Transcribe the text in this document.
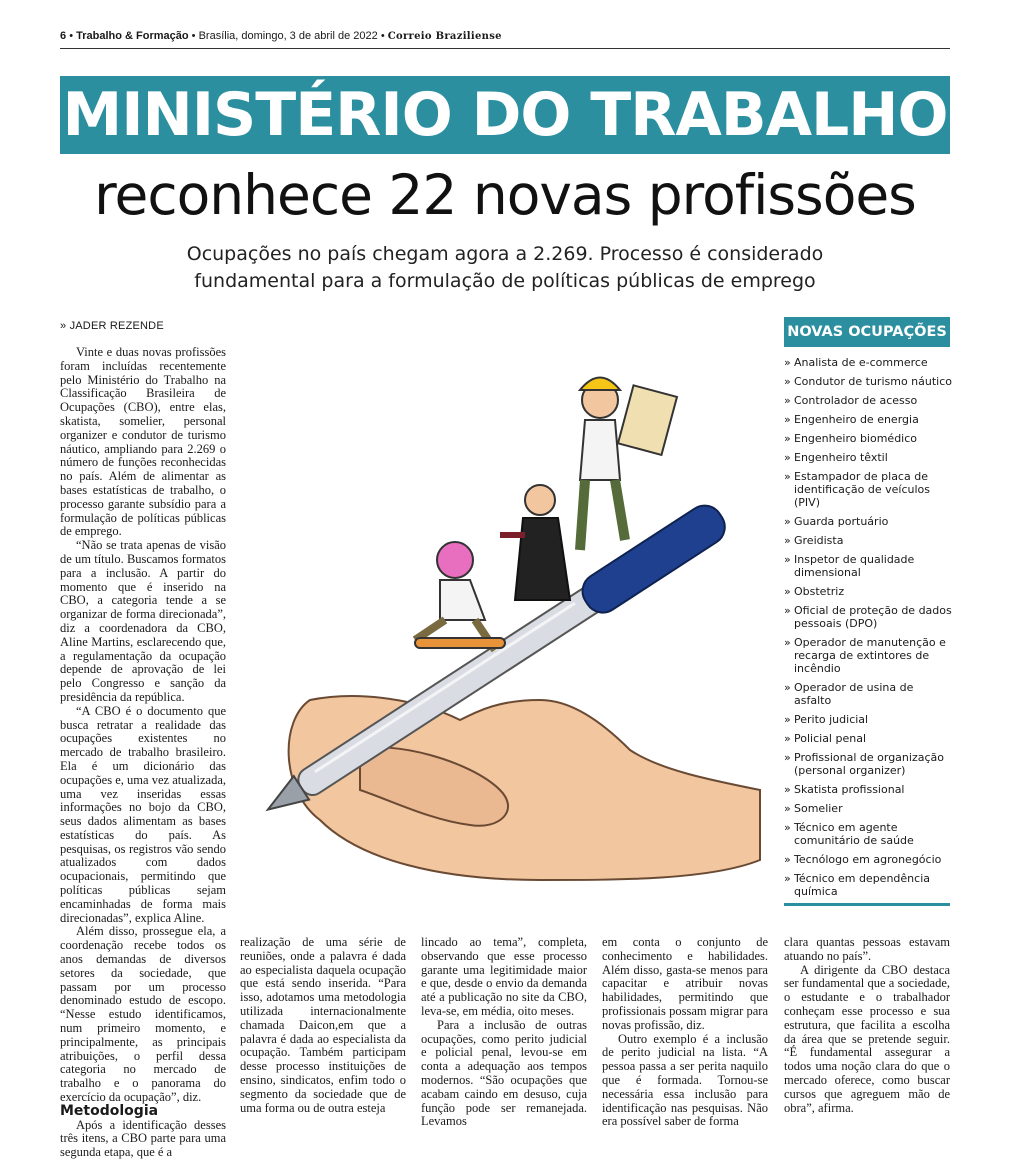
6 • Trabalho & Formação • Brasília, domingo, 3 de abril de 2022 • Correio Braziliense
MINISTÉRIO DO TRABALHO
reconhece 22 novas profissões
Ocupações no país chegam agora a 2.269. Processo é considerado
fundamental para a formulação de políticas públicas de emprego
» JADER REZENDE

Vinte e duas novas profissões foram incluídas recentemente pelo Ministério do Trabalho na Classificação Brasileira de Ocupações (CBO), entre elas, skatista, somelier, personal organizer e condutor de turismo náutico, ampliando para 2.269 o número de funções reconhecidas no país. Além de alimentar as bases estatísticas de trabalho, o processo garante subsídio para a formulação de políticas públicas de emprego.

“Não se trata apenas de visão de um título. Buscamos formatos para a inclusão. A partir do momento que é inserido na CBO, a categoria tende a se organizar de forma direcionada”, diz a coordenadora da CBO, Aline Martins, esclarecendo que, a regulamentação da ocupação depende de aprovação de lei pelo Congresso e sanção da presidência da república.

“A CBO é o documento que busca retratar a realidade das ocupações existentes no mercado de trabalho brasileiro. Ela é um dicionário das ocupações e, uma vez atualizada, uma vez inseridas essas informações no bojo da CBO, seus dados alimentam as bases estatísticas do país. As pesquisas, os registros vão sendo atualizados com dados ocupacionais, permitindo que políticas públicas sejam encaminhadas de forma mais direcionadas”, explica Aline.

Além disso, prossegue ela, a coordenação recebe todos os anos demandas de diversos setores da sociedade, que passam por um processo denominado estudo de escopo. “Nesse estudo identificamos, num primeiro momento, e principalmente, as principais atribuições, o perfil dessa categoria no mercado de trabalho e o panorama do exercício da ocupação”, diz.

Metodologia

Após a identificação desses três itens, a CBO parte para uma segunda etapa, que é a

realização de uma série de reuniões, onde a palavra é dada ao especialista daquela ocupação que está sendo inserida. “Para isso, adotamos uma metodologia utilizada internacionalmente chamada Daicon,em que a palavra é dada ao especialista da ocupação. Também participam desse processo instituições de ensino, sindicatos, enfim todo o segmento da sociedade que de uma forma ou de outra esteja

lincado ao tema”, completa, observando que esse processo garante uma legitimidade maior e que, desde o envio da demanda até a publicação no site da CBO, leva-se, em média, oito meses.

Para a inclusão de outras ocupações, como perito judicial e policial penal, levou-se em conta a adequação aos tempos modernos. “São ocupações que acabam caindo em desuso, cuja função pode ser remanejada. Levamos

em conta o conjunto de conhecimento e habilidades. Além disso, gasta-se menos para capacitar e atribuir novas habilidades, permitindo que profissionais possam migrar para novas profissão, diz.

Outro exemplo é a inclusão de perito judicial na lista. “A pessoa passa a ser perita naquilo que é formada. Tornou-se necessária essa inclusão para identificação nas pesquisas. Não era possível saber de forma

clara quantas pessoas estavam atuando no país”.

A dirigente da CBO destaca ser fundamental que a sociedade, o estudante e o trabalhador conheçam esse processo e sua estrutura, que facilita a escolha da área que se pretende seguir. “É fundamental assegurar a todos uma noção clara do que o mercado oferece, como buscar cursos que agreguem mão de obra”, afirma.

NOVAS OCUPAÇÕES
» Analista de e-commerce
» Condutor de turismo náutico
» Controlador de acesso
» Engenheiro de energia
» Engenheiro biomédico
» Engenheiro têxtil
» Estampador de placa de identificação de veículos (PIV)
» Guarda portuário
» Greidista
» Inspetor de qualidade dimensional
» Obstetriz
» Oficial de proteção de dados pessoais (DPO)
» Operador de manutenção e recarga de extintores de incêndio
» Operador de usina de asfalto
» Perito judicial
» Policial penal
» Profissional de organização (personal organizer)
» Skatista profissional
» Somelier
» Técnico em agente comunitário de saúde
» Tecnólogo em agronegócio
» Técnico em dependência química
